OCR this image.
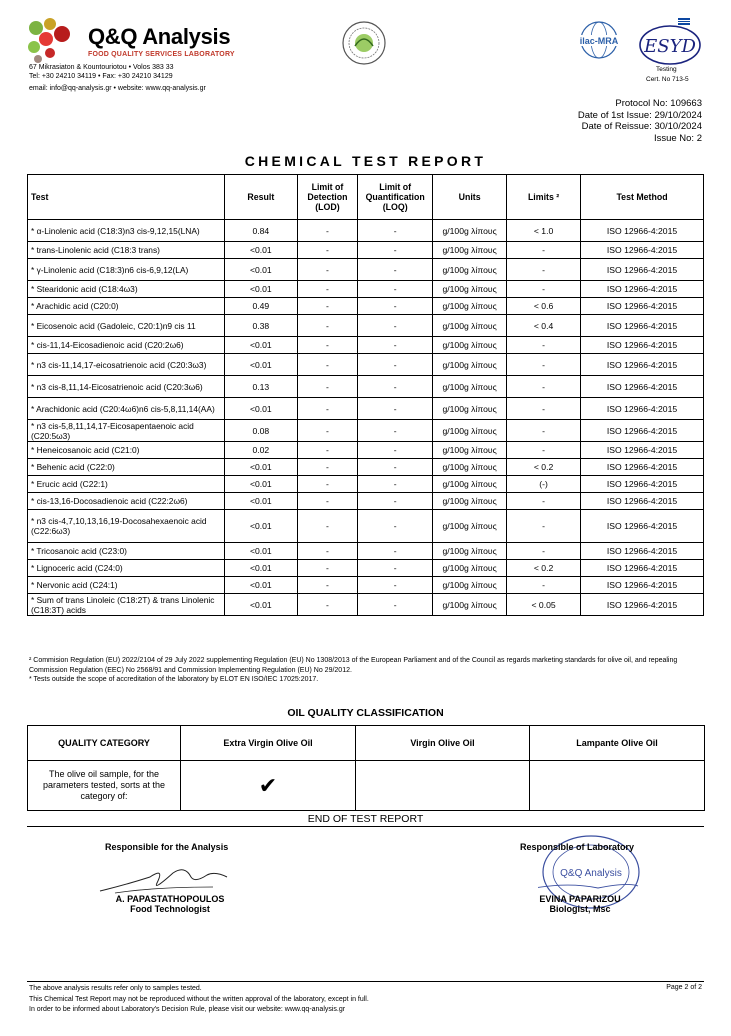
Q&Q Analysis
FOOD QUALITY SERVICES LABORATORY
67 Mikrasiaton & Kountouriotou • Volos 383 33
Tel: +30 24210 34119 • Fax: +30 24210 34129
email: info@qq-analysis.gr • website: www.qq-analysis.gr
ilac-MRA ESYD
Testing
Cert. No 713-5
Protocol No: 109663
Date of 1st Issue: 29/10/2024
Date of Reissue: 30/10/2024
Issue No: 2
CHEMICAL TEST REPORT
Test	Result	Limit of Detection (LOD)	Limit of Quantification (LOQ)	Units	Limits ²	Test Method
* α-Linolenic acid (C18:3)n3 cis-9,12,15(LNA)	0.84	-	-	g/100g λίπους	< 1.0	ISO 12966-4:2015
* trans-Linolenic acid (C18:3 trans)	<0.01	-	-	g/100g λίπους	-	ISO 12966-4:2015
* γ-Linolenic acid (C18:3)n6 cis-6,9,12(LA)	<0.01	-	-	g/100g λίπους	-	ISO 12966-4:2015
* Stearidonic acid (C18:4ω3)	<0.01	-	-	g/100g λίπους	-	ISO 12966-4:2015
* Arachidic acid (C20:0)	0.49	-	-	g/100g λίπους	< 0.6	ISO 12966-4:2015
* Eicosenoic acid (Gadoleic, C20:1)n9 cis 11	0.38	-	-	g/100g λίπους	< 0.4	ISO 12966-4:2015
* cis-11,14-Eicosadienoic acid (C20:2ω6)	<0.01	-	-	g/100g λίπους	-	ISO 12966-4:2015
* n3 cis-11,14,17-eicosatrienoic acid (C20:3ω3)	<0.01	-	-	g/100g λίπους	-	ISO 12966-4:2015
* n3 cis-8,11,14-Eicosatrienoic acid (C20:3ω6)	0.13	-	-	g/100g λίπους	-	ISO 12966-4:2015
* Arachidonic acid (C20:4ω6)n6 cis-5,8,11,14(AA)	<0.01	-	-	g/100g λίπους	-	ISO 12966-4:2015
* n3 cis-5,8,11,14,17-Eicosapentaenoic acid (C20:5ω3)	0.08	-	-	g/100g λίπους	-	ISO 12966-4:2015
* Heneicosanoic acid (C21:0)	0.02	-	-	g/100g λίπους	-	ISO 12966-4:2015
* Behenic acid (C22:0)	<0.01	-	-	g/100g λίπους	< 0.2	ISO 12966-4:2015
* Erucic acid (C22:1)	<0.01	-	-	g/100g λίπους	(-)	ISO 12966-4:2015
* cis-13,16-Docosadienoic acid (C22:2ω6)	<0.01	-	-	g/100g λίπους	-	ISO 12966-4:2015
* n3 cis-4,7,10,13,16,19-Docosahexaenoic acid (C22:6ω3)	<0.01	-	-	g/100g λίπους	-	ISO 12966-4:2015
* Tricosanoic acid (C23:0)	<0.01	-	-	g/100g λίπους	-	ISO 12966-4:2015
* Lignoceric acid (C24:0)	<0.01	-	-	g/100g λίπους	< 0.2	ISO 12966-4:2015
* Nervonic acid (C24:1)	<0.01	-	-	g/100g λίπους	-	ISO 12966-4:2015
* Sum of trans Linoleic (C18:2T) & trans Linolenic (C18:3T) acids	<0.01	-	-	g/100g λίπους	< 0.05	ISO 12966-4:2015
² Commision Regulation (EU) 2022/2104 of 29 July 2022 supplementing Regulation (EU) No 1308/2013 of the European Parliament and of the Council as regards marketing standards for olive oil, and repealing Commission Regulation (EEC) No 2568/91 and Commission Implementing Regulation (EU) No 29/2012.
* Tests outside the scope of accreditation of the laboratory by ELOT EN ISO/IEC 17025:2017.
OIL QUALITY CLASSIFICATION
QUALITY CATEGORY	Extra Virgin Olive Oil	Virgin Olive Oil	Lampante Olive Oil
The olive oil sample, for the parameters tested, sorts at the category of:	✔		
END OF TEST REPORT
Responsible for the Analysis
A. PAPASTATHOPOULOS
Food Technologist
Q&Q Analysis
Responsible of Laboratory
EVINA PAPARIZOU
Biologist, Msc
The above analysis results refer only to samples tested.
This Chemical Test Report may not be reproduced without the written approval of the laboratory, except in full.
In order to be informed about Laboratory's Decision Rule, please visit our website: www.qq-analysis.gr
Page 2 of 2
